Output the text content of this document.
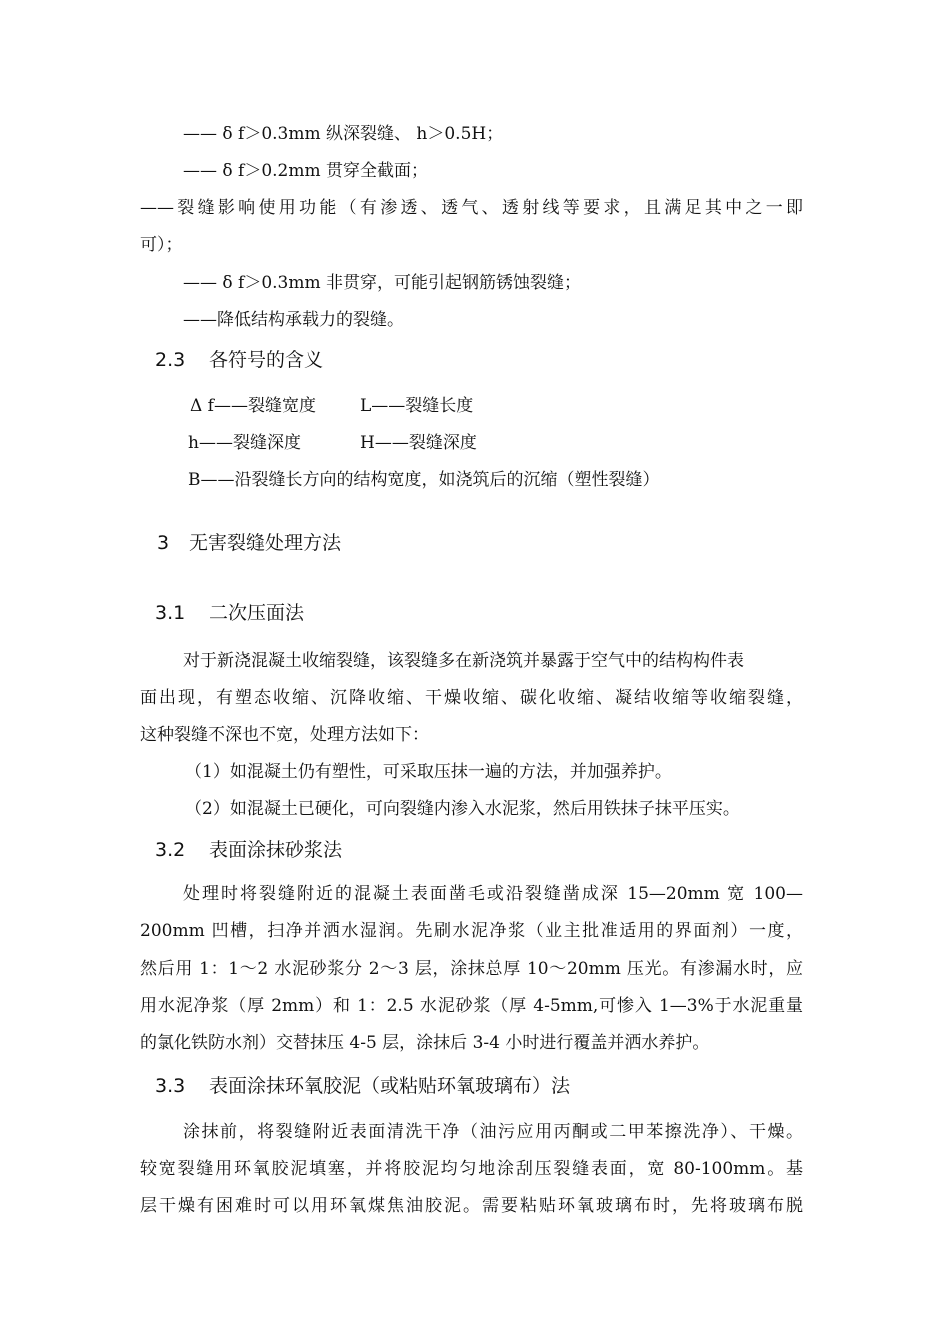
—— δ f＞0.3mm 纵深裂缝、 h＞0.5H；
—— δ f＞0.2mm 贯穿全截面；
——裂缝影响使用功能（有渗透、透气、透射线等要求，且满足其中之一即
可）；
—— δ f＞0.3mm 非贯穿，可能引起钢筋锈蚀裂缝；
——降低结构承载力的裂缝。
2.3 各符号的含义
Δ f——裂缝宽度	L——裂缝长度
h——裂缝深度	H——裂缝深度
B——沿裂缝长方向的结构宽度，如浇筑后的沉缩（塑性裂缝）
3 无害裂缝处理方法
3.1 二次压面法
对于新浇混凝土收缩裂缝，该裂缝多在新浇筑并暴露于空气中的结构构件表
面出现，有塑态收缩、沉降收缩、干燥收缩、碳化收缩、凝结收缩等收缩裂缝，
这种裂缝不深也不宽，处理方法如下：
（1）如混凝土仍有塑性，可采取压抹一遍的方法，并加强养护。
（2）如混凝土已硬化，可向裂缝内渗入水泥浆，然后用铁抹子抹平压实。
3.2 表面涂抹砂浆法
处理时将裂缝附近的混凝土表面凿毛或沿裂缝凿成深 15—20mm 宽 100—
200mm 凹槽，扫净并洒水湿润。先刷水泥净浆（业主批准适用的界面剂）一度，
然后用 1：1～2 水泥砂浆分 2～3 层，涂抹总厚 10～20mm 压光。有渗漏水时，应
用水泥净浆（厚 2mm）和 1：2.5 水泥砂浆（厚 4-5mm,可惨入 1—3%于水泥重量
的氯化铁防水剂）交替抹压 4-5 层，涂抹后 3-4 小时进行覆盖并洒水养护。
3.3 表面涂抹环氧胶泥（或粘贴环氧玻璃布）法
涂抹前，将裂缝附近表面清洗干净（油污应用丙酮或二甲苯擦洗净）、干燥。
较宽裂缝用环氧胶泥填塞，并将胶泥均匀地涂刮压裂缝表面，宽 80-100mm。基
层干燥有困难时可以用环氧煤焦油胶泥。需要粘贴环氧玻璃布时，先将玻璃布脱
